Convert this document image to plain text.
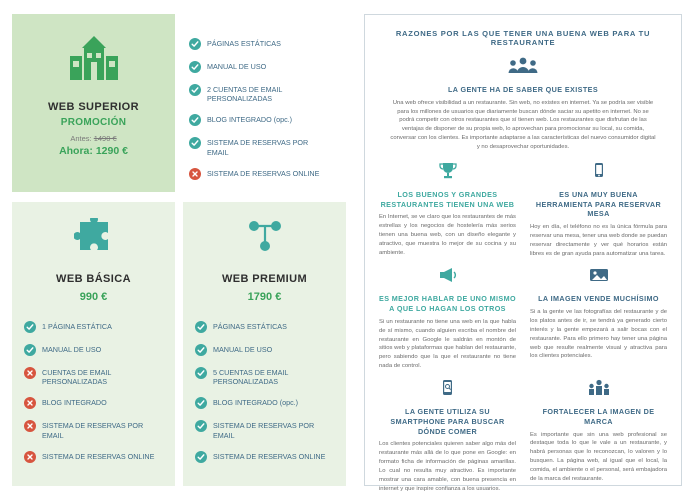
WEB SUPERIOR
PROMOCIÓN
Antes: 1490 €
Ahora: 1290 €
PÁGINAS ESTÁTICAS
MANUAL DE USO
2 CUENTAS DE EMAIL PERSONALIZADAS
BLOG INTEGRADO (opc.)
SISTEMA DE RESERVAS POR EMAIL
SISTEMA DE RESERVAS ONLINE
WEB BÁSICA
990 €
1 PÁGINA ESTÁTICA
MANUAL DE USO
CUENTAS DE EMAIL PERSONALIZADAS
BLOG INTEGRADO
SISTEMA DE RESERVAS POR EMAIL
SISTEMA DE RESERVAS ONLINE
WEB PREMIUM
1790 €
PÁGINAS ESTÁTICAS
MANUAL DE USO
5 CUENTAS DE EMAIL PERSONALIZADAS
BLOG INTEGRADO (opc.)
SISTEMA DE RESERVAS POR EMAIL
SISTEMA DE RESERVAS ONLINE
RAZONES POR LAS QUE TENER UNA BUENA WEB PARA TU RESTAURANTE
LA GENTE HA DE SABER QUE EXISTES
Una web ofrece visibilidad a un restaurante. Sin web, no existes en internet. Ya se podría ser visible para los millones de usuarios que diariamente buscan dónde saciar su apetito en internet. No se podrá competir con otros restaurantes que sí tienen web. Los restaurantes que disfrutan de las ventajas de disponer de su propia web, lo aprovechan para promocionar su local, su comida, conversar con los clientes. Es importante adaptarse a las características del nuevo consumidor digital y no desaprovechar oportunidades.
LOS BUENOS Y GRANDES RESTAURANTES TIENEN UNA WEB
En Internet, se ve claro que los restaurantes de más estrellas y los negocios de hostelería más serios tienen una buena web, con un diseño elegante y atractivo, que muestra lo mejor de su cocina y su ambiente.
ES UNA MUY BUENA HERRAMIENTA PARA RESERVAR MESA
Hoy en día, el teléfono no es la única fórmula para reservar una mesa, tener una web donde se puedan reservar directamente y ver qué horarios están libres es de gran ayuda para automatizar una tarea.
ES MEJOR HABLAR DE UNO MISMO A QUE LO HAGAN LOS OTROS
Si un restaurante no tiene una web en la que habla de sí mismo, cuando alguien escriba el nombre del restaurante en Google le saldrán en montón de sitios web y plataformas que hablan del restaurante, pero sabiendo que la que el restaurante no tiene nada de control.
LA IMAGEN VENDE MUCHÍSIMO
Si a la gente ve las fotografías del restaurante y de los platos antes de ir, se tendrá ya generado cierto interés y la gente empezará a salir bocas con el restaurante. Para ello primero hay tener una página web que resulte realmente visual y atractiva para los clientes potenciales.
LA GENTE UTILIZA SU SMARTPHONE PARA BUSCAR DÓNDE COMER
Los clientes potenciales quieren saber algo más del restaurante más allá de lo que pone en Google: en formato ficha de información de páginas amarillas. Lo cual no resulta muy atractivo. Es importante mostrar una cara amable, con buena presencia en internet y que inspire confianza a los usuarios.
FORTALECER LA IMAGEN DE MARCA
Es importante que sin una web profesional se destaque toda lo que le vale a un restaurante, y habrá personas que lo reconozcan, lo valoren y lo busquen. La página web, al igual que el local, la comida, el ambiente o el personal, será embajadora de la marca del restaurante.
